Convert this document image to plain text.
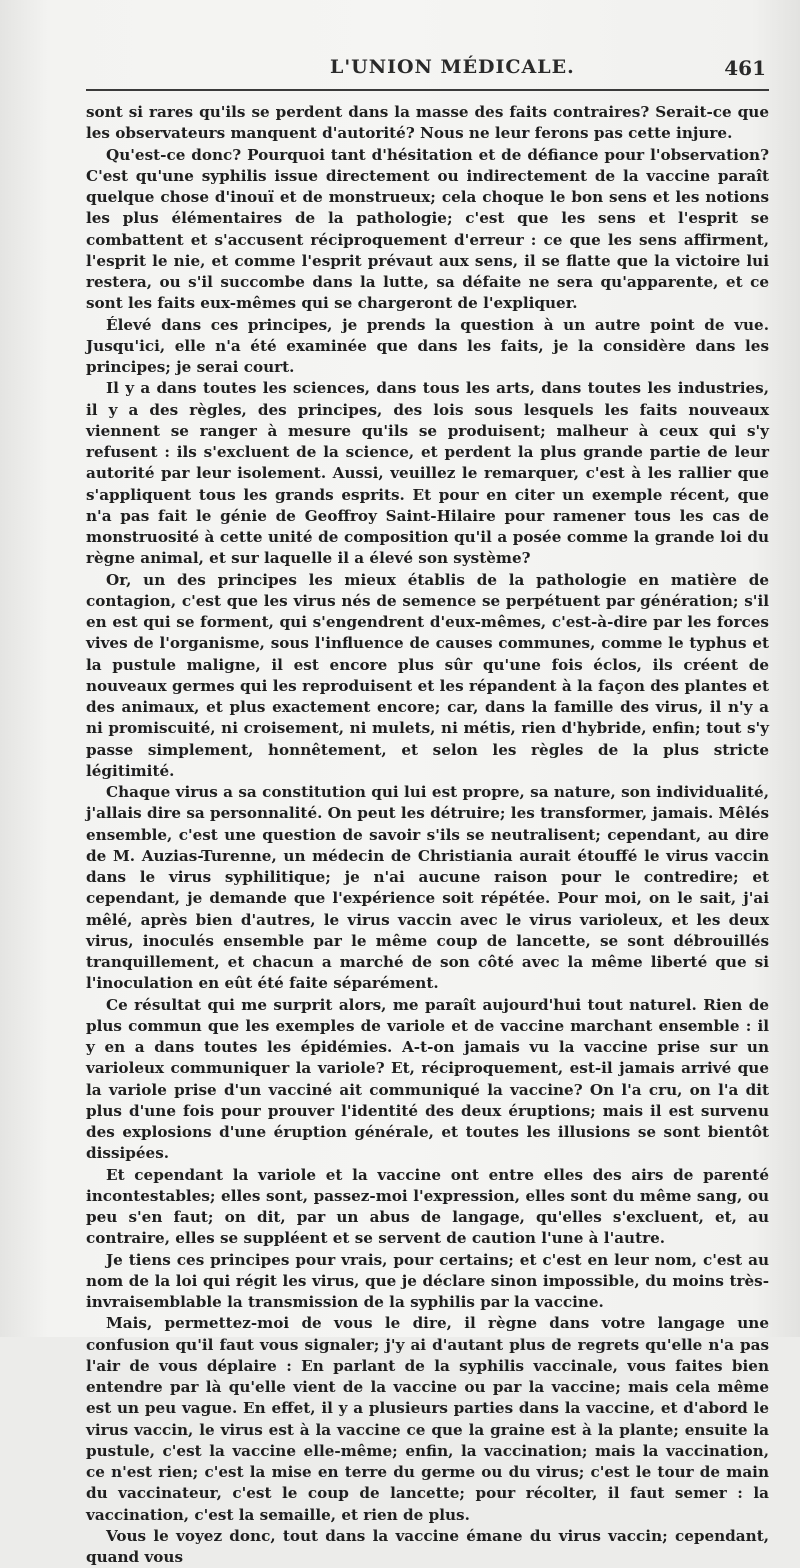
L'UNION MÉDICALE.	461

sont si rares qu'ils se perdent dans la masse des faits contraires? Serait-ce que les observateurs manquent d'autorité? Nous ne leur ferons pas cette injure.

Qu'est-ce donc? Pourquoi tant d'hésitation et de défiance pour l'observation? C'est qu'une syphilis issue directement ou indirectement de la vaccine paraît quelque chose d'inouï et de monstrueux; cela choque le bon sens et les notions les plus élémentaires de la pathologie; c'est que les sens et l'esprit se combattent et s'accusent réciproquement d'erreur : ce que les sens affirment, l'esprit le nie, et comme l'esprit prévaut aux sens, il se flatte que la victoire lui restera, ou s'il succombe dans la lutte, sa défaite ne sera qu'apparente, et ce sont les faits eux-mêmes qui se chargeront de l'expliquer.

Élevé dans ces principes, je prends la question à un autre point de vue. Jusqu'ici, elle n'a été examinée que dans les faits, je la considère dans les principes; je serai court.

Il y a dans toutes les sciences, dans tous les arts, dans toutes les industries, il y a des règles, des principes, des lois sous lesquels les faits nouveaux viennent se ranger à mesure qu'ils se produisent; malheur à ceux qui s'y refusent : ils s'excluent de la science, et perdent la plus grande partie de leur autorité par leur isolement. Aussi, veuillez le remarquer, c'est à les rallier que s'appliquent tous les grands esprits. Et pour en citer un exemple récent, que n'a pas fait le génie de Geoffroy Saint-Hilaire pour ramener tous les cas de monstruosité à cette unité de composition qu'il a posée comme la grande loi du règne animal, et sur laquelle il a élevé son système?

Or, un des principes les mieux établis de la pathologie en matière de contagion, c'est que les virus nés de semence se perpétuent par génération; s'il en est qui se forment, qui s'engendrent d'eux-mêmes, c'est-à-dire par les forces vives de l'organisme, sous l'influence de causes communes, comme le typhus et la pustule maligne, il est encore plus sûr qu'une fois éclos, ils créent de nouveaux germes qui les reproduisent et les répandent à la façon des plantes et des animaux, et plus exactement encore; car, dans la famille des virus, il n'y a ni promiscuité, ni croisement, ni mulets, ni métis, rien d'hybride, enfin; tout s'y passe simplement, honnêtement, et selon les règles de la plus stricte légitimité.

Chaque virus a sa constitution qui lui est propre, sa nature, son individualité, j'allais dire sa personnalité. On peut les détruire; les transformer, jamais. Mêlés ensemble, c'est une question de savoir s'ils se neutralisent; cependant, au dire de M. Auzias-Turenne, un médecin de Christiania aurait étouffé le virus vaccin dans le virus syphilitique; je n'ai aucune raison pour le contredire; et cependant, je demande que l'expérience soit répétée. Pour moi, on le sait, j'ai mêlé, après bien d'autres, le virus vaccin avec le virus varioleux, et les deux virus, inoculés ensemble par le même coup de lancette, se sont débrouillés tranquillement, et chacun a marché de son côté avec la même liberté que si l'inoculation en eût été faite séparément.

Ce résultat qui me surprit alors, me paraît aujourd'hui tout naturel. Rien de plus commun que les exemples de variole et de vaccine marchant ensemble : il y en a dans toutes les épidémies. A-t-on jamais vu la vaccine prise sur un varioleux communiquer la variole? Et, réciproquement, est-il jamais arrivé que la variole prise d'un vacciné ait communiqué la vaccine? On l'a cru, on l'a dit plus d'une fois pour prouver l'identité des deux éruptions; mais il est survenu des explosions d'une éruption générale, et toutes les illusions se sont bientôt dissipées.

Et cependant la variole et la vaccine ont entre elles des airs de parenté incontestables; elles sont, passez-moi l'expression, elles sont du même sang, ou peu s'en faut; on dit, par un abus de langage, qu'elles s'excluent, et, au contraire, elles se suppléent et se servent de caution l'une à l'autre.

Je tiens ces principes pour vrais, pour certains; et c'est en leur nom, c'est au nom de la loi qui régit les virus, que je déclare sinon impossible, du moins très-invraisemblable la transmission de la syphilis par la vaccine.

Mais, permettez-moi de vous le dire, il règne dans votre langage une confusion qu'il faut vous signaler; j'y ai d'autant plus de regrets qu'elle n'a pas l'air de vous déplaire : En parlant de la syphilis vaccinale, vous faites bien entendre par là qu'elle vient de la vaccine ou par la vaccine; mais cela même est un peu vague. En effet, il y a plusieurs parties dans la vaccine, et d'abord le virus vaccin, le virus est à la vaccine ce que la graine est à la plante; ensuite la pustule, c'est la vaccine elle-même; enfin, la vaccination; mais la vaccination, ce n'est rien; c'est la mise en terre du germe ou du virus; c'est le tour de main du vaccinateur, c'est le coup de lancette; pour récolter, il faut semer : la vaccination, c'est la semaille, et rien de plus.

Vous le voyez donc, tout dans la vaccine émane du virus vaccin; cependant, quand vous
